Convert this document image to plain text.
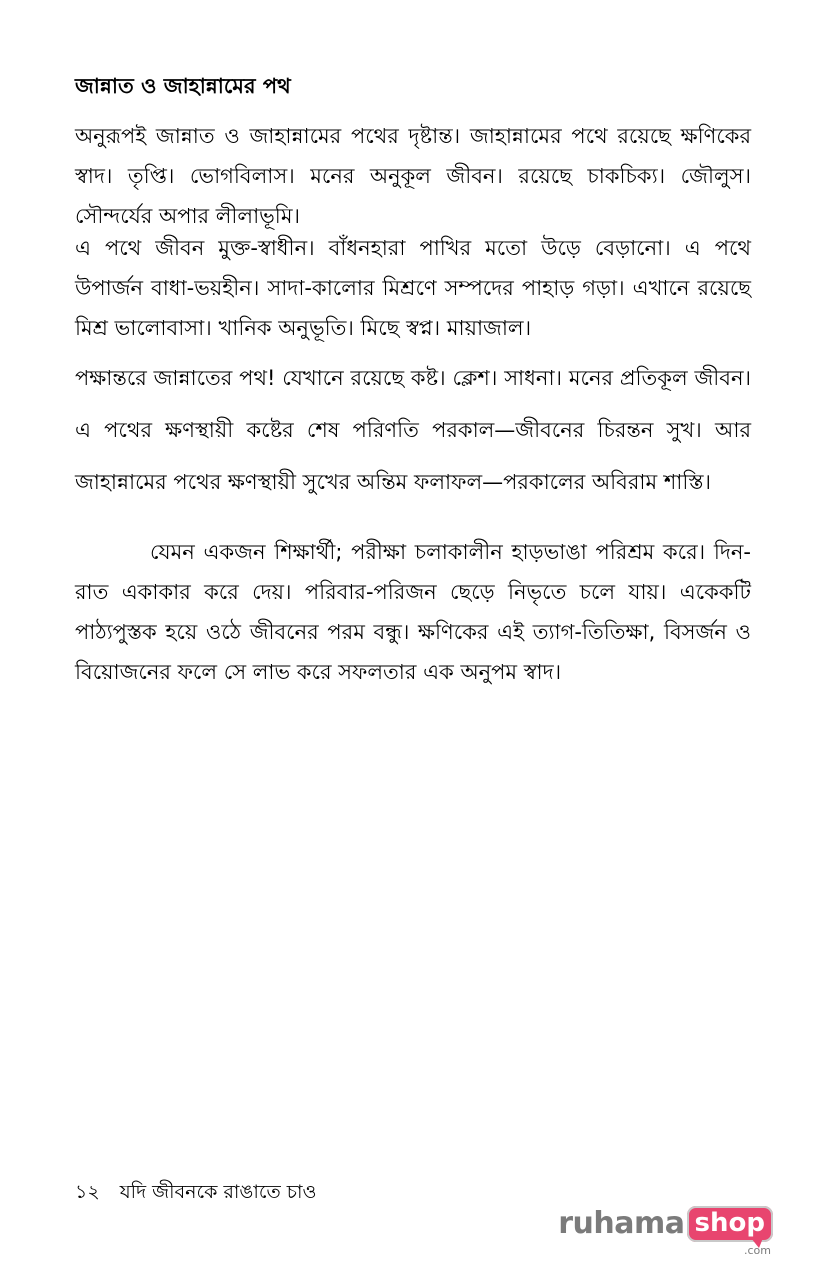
জান্নাত ও জাহান্নামের পথ

অনুরূপই জান্নাত ও জাহান্নামের পথের দৃষ্টান্ত। জাহান্নামের পথে রয়েছে ক্ষণিকের স্বাদ। তৃপ্তি। ভোগবিলাস। মনের অনুকূল জীবন। রয়েছে চাকচিক্য। জৌলুস। সৌন্দর্যের অপার লীলাভূমি।

এ পথে জীবন মুক্ত-স্বাধীন। বাঁধনহারা পাখির মতো উড়ে বেড়ানো। এ পথে উপার্জন বাধা-ভয়হীন। সাদা-কালোর মিশ্রণে সম্পদের পাহাড় গড়া। এখানে রয়েছে মিশ্র ভালোবাসা। খানিক অনুভূতি। মিছে স্বপ্ন। মায়াজাল।

পক্ষান্তরে জান্নাতের পথ! যেখানে রয়েছে কষ্ট। ক্লেশ। সাধনা। মনের প্রতিকূল জীবন। এ পথের ক্ষণস্থায়ী কষ্টের শেষ পরিণতি পরকাল—জীবনের চিরন্তন সুখ। আর জাহান্নামের পথের ক্ষণস্থায়ী সুখের অন্তিম ফলাফল—পরকালের অবিরাম শাস্তি।

যেমন একজন শিক্ষার্থী; পরীক্ষা চলাকালীন হাড়ভাঙা পরিশ্রম করে। দিন-রাত একাকার করে দেয়। পরিবার-পরিজন ছেড়ে নিভৃতে চলে যায়। একেকটি পাঠ্যপুস্তক হয়ে ওঠে জীবনের পরম বন্ধু। ক্ষণিকের এই ত্যাগ-তিতিক্ষা, বিসর্জন ও বিয়োজনের ফলে সে লাভ করে সফলতার এক অনুপম স্বাদ।

১২ যদি জীবনকে রাঙাতে চাও
ruhama shop
.com
